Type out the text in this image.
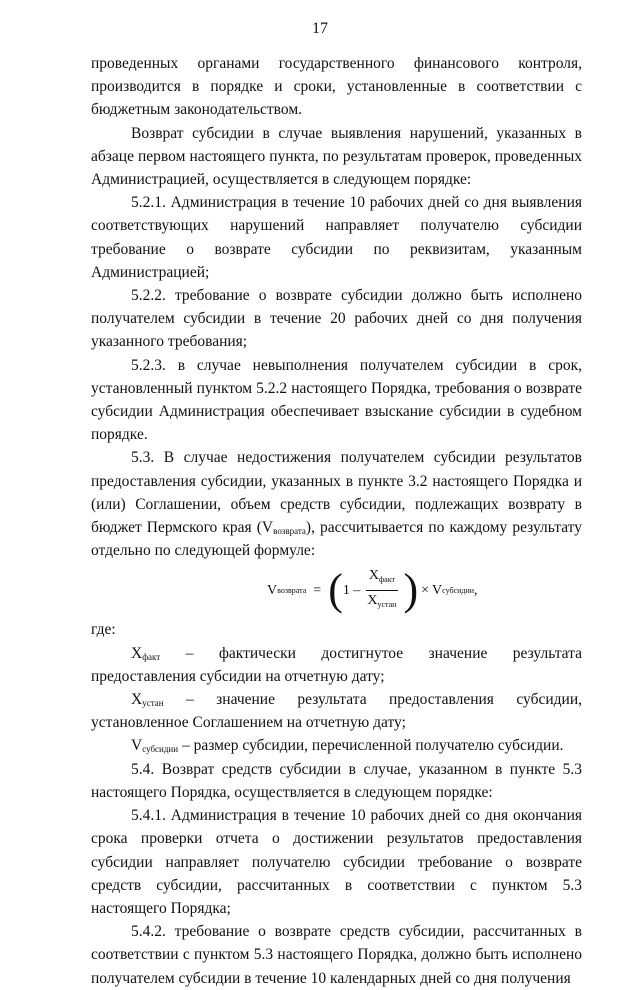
17

проведенных органами государственного финансового контроля, производится в порядке и сроки, установленные в соответствии с бюджетным законодательством.

Возврат субсидии в случае выявления нарушений, указанных в абзаце первом настоящего пункта, по результатам проверок, проведенных Администрацией, осуществляется в следующем порядке:

5.2.1. Администрация в течение 10 рабочих дней со дня выявления соответствующих нарушений направляет получателю субсидии требование о возврате субсидии по реквизитам, указанным Администрацией;

5.2.2. требование о возврате субсидии должно быть исполнено получателем субсидии в течение 20 рабочих дней со дня получения указанного требования;

5.2.3. в случае невыполнения получателем субсидии в срок, установленный пунктом 5.2.2 настоящего Порядка, требования о возврате субсидии Администрация обеспечивает взыскание субсидии в судебном порядке.

5.3. В случае недостижения получателем субсидии результатов предоставления субсидии, указанных в пункте 3.2 настоящего Порядка и (или) Соглашении, объем средств субсидии, подлежащих возврату в бюджет Пермского края $(V_{возврата})$, рассчитывается по каждому результату отдельно по следующей формуле:

V возврата = ( $1 - \frac{X_{факт}}{X_{устан}}$ ) × V субсидии ,

где:

$X_{факт}$ – фактически достигнутое значение результата предоставления субсидии на отчетную дату;

$X_{устан}$ – значение результата предоставления субсидии, установленное Соглашением на отчетную дату;

$V_{субсидии}$ – размер субсидии, перечисленной получателю субсидии.

5.4. Возврат средств субсидии в случае, указанном в пункте 5.3 настоящего Порядка, осуществляется в следующем порядке:

5.4.1. Администрация в течение 10 рабочих дней со дня окончания срока проверки отчета о достижении результатов предоставления субсидии направляет получателю субсидии требование о возврате средств субсидии, рассчитанных в соответствии с пунктом 5.3 настоящего Порядка;

5.4.2. требование о возврате средств субсидии, рассчитанных в соответствии с пунктом 5.3 настоящего Порядка, должно быть исполнено получателем субсидии в течение 10 календарных дней со дня получения
